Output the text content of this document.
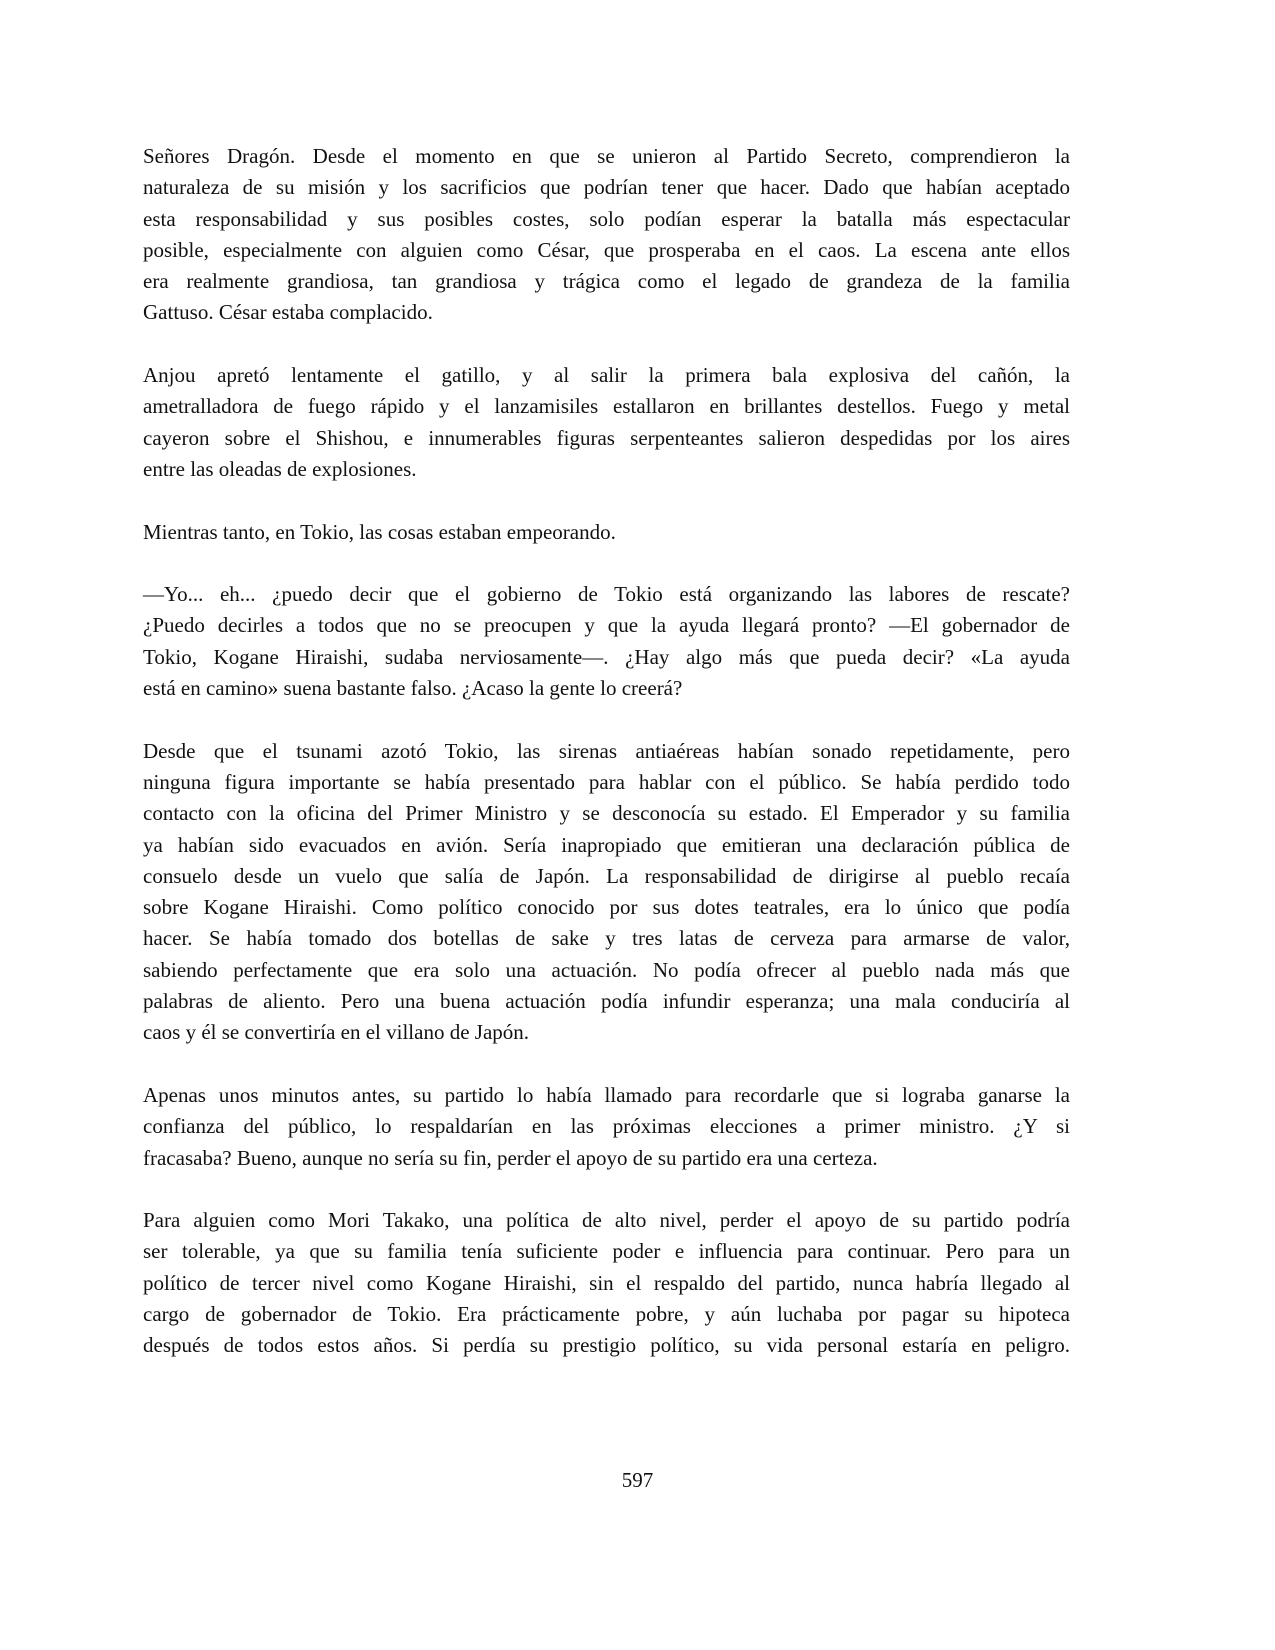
Señores Dragón. Desde el momento en que se unieron al Partido Secreto, comprendieron la
naturaleza de su misión y los sacrificios que podrían tener que hacer. Dado que habían aceptado
esta responsabilidad y sus posibles costes, solo podían esperar la batalla más espectacular
posible, especialmente con alguien como César, que prosperaba en el caos. La escena ante ellos
era realmente grandiosa, tan grandiosa y trágica como el legado de grandeza de la familia
Gattuso. César estaba complacido.
Anjou apretó lentamente el gatillo, y al salir la primera bala explosiva del cañón, la
ametralladora de fuego rápido y el lanzamisiles estallaron en brillantes destellos. Fuego y metal
cayeron sobre el Shishou, e innumerables figuras serpenteantes salieron despedidas por los aires
entre las oleadas de explosiones.
Mientras tanto, en Tokio, las cosas estaban empeorando.
—Yo... eh... ¿puedo decir que el gobierno de Tokio está organizando las labores de rescate?
¿Puedo decirles a todos que no se preocupen y que la ayuda llegará pronto? —El gobernador de
Tokio, Kogane Hiraishi, sudaba nerviosamente—. ¿Hay algo más que pueda decir? «La ayuda
está en camino» suena bastante falso. ¿Acaso la gente lo creerá?
Desde que el tsunami azotó Tokio, las sirenas antiaéreas habían sonado repetidamente, pero
ninguna figura importante se había presentado para hablar con el público. Se había perdido todo
contacto con la oficina del Primer Ministro y se desconocía su estado. El Emperador y su familia
ya habían sido evacuados en avión. Sería inapropiado que emitieran una declaración pública de
consuelo desde un vuelo que salía de Japón. La responsabilidad de dirigirse al pueblo recaía
sobre Kogane Hiraishi. Como político conocido por sus dotes teatrales, era lo único que podía
hacer. Se había tomado dos botellas de sake y tres latas de cerveza para armarse de valor,
sabiendo perfectamente que era solo una actuación. No podía ofrecer al pueblo nada más que
palabras de aliento. Pero una buena actuación podía infundir esperanza; una mala conduciría al
caos y él se convertiría en el villano de Japón.
Apenas unos minutos antes, su partido lo había llamado para recordarle que si lograba ganarse la
confianza del público, lo respaldarían en las próximas elecciones a primer ministro. ¿Y si
fracasaba? Bueno, aunque no sería su fin, perder el apoyo de su partido era una certeza.
Para alguien como Mori Takako, una política de alto nivel, perder el apoyo de su partido podría
ser tolerable, ya que su familia tenía suficiente poder e influencia para continuar. Pero para un
político de tercer nivel como Kogane Hiraishi, sin el respaldo del partido, nunca habría llegado al
cargo de gobernador de Tokio. Era prácticamente pobre, y aún luchaba por pagar su hipoteca
después de todos estos años. Si perdía su prestigio político, su vida personal estaría en peligro.
597
